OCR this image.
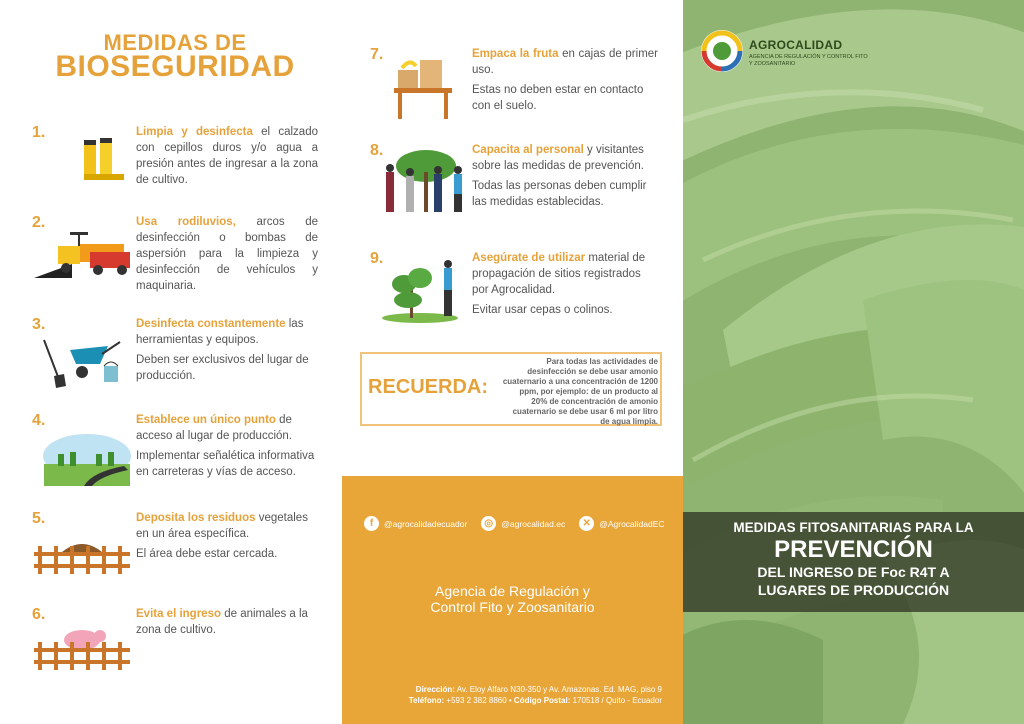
MEDIDAS DE
BIOSEGURIDAD
1.	Limpia y desinfecta el calzado con cepillos duros y/o agua a presión antes de ingresar a la zona de cultivo.
2.	Usa rodiluvios, arcos de desinfección o bombas de aspersión para la limpieza y desinfección de vehículos y maquinaria.
3.	Desinfecta constantemente las herramientas y equipos.

Deben ser exclusivos del lugar de producción.

4.	Establece un único punto de acceso al lugar de producción.

Implementar señalética informativa en carreteras y vías de acceso.

5.	Deposita los residuos vegetales en un área específica.

El área debe estar cercada.

6.	Evita el ingreso de animales a la zona de cultivo.
7.	Empaca la fruta en cajas de primer uso.

Estas no deben estar en contacto con el suelo.

8.	Capacita al personal y visitantes sobre las medidas de prevención.

Todas las personas deben cumplir las medidas establecidas.

9.	Asegúrate de utilizar material de propagación de sitios registrados por Agrocalidad.

Evitar usar cepas o colinos.

RECUERDA:
Para todas las actividades de desinfección se debe usar amonio cuaternario a una concentración de 1200 ppm, por ejemplo: de un producto al 20% de concentración de amonio cuaternario se debe usar 6 ml por litro de agua limpia.
f	@agrocalidadecuador	◎ @agrocalidad.ec	✕ @AgrocalidadEC
Agencia de Regulación y
Control Fito y Zoosanitario
Dirección: Av. Eloy Alfaro N30-350 y Av. Amazonas. Ed. MAG, piso 9
Teléfono: +593 2 382 8860 • Código Postal: 170518 / Quito - Ecuador
AGROCALIDAD
AGENCIA DE REGULACIÓN Y CONTROL FITO Y ZOOSANITARIO
MEDIDAS FITOSANITARIAS PARA LA
PREVENCIÓN
DEL INGRESO DE Foc R4T A
LUGARES DE PRODUCCIÓN
